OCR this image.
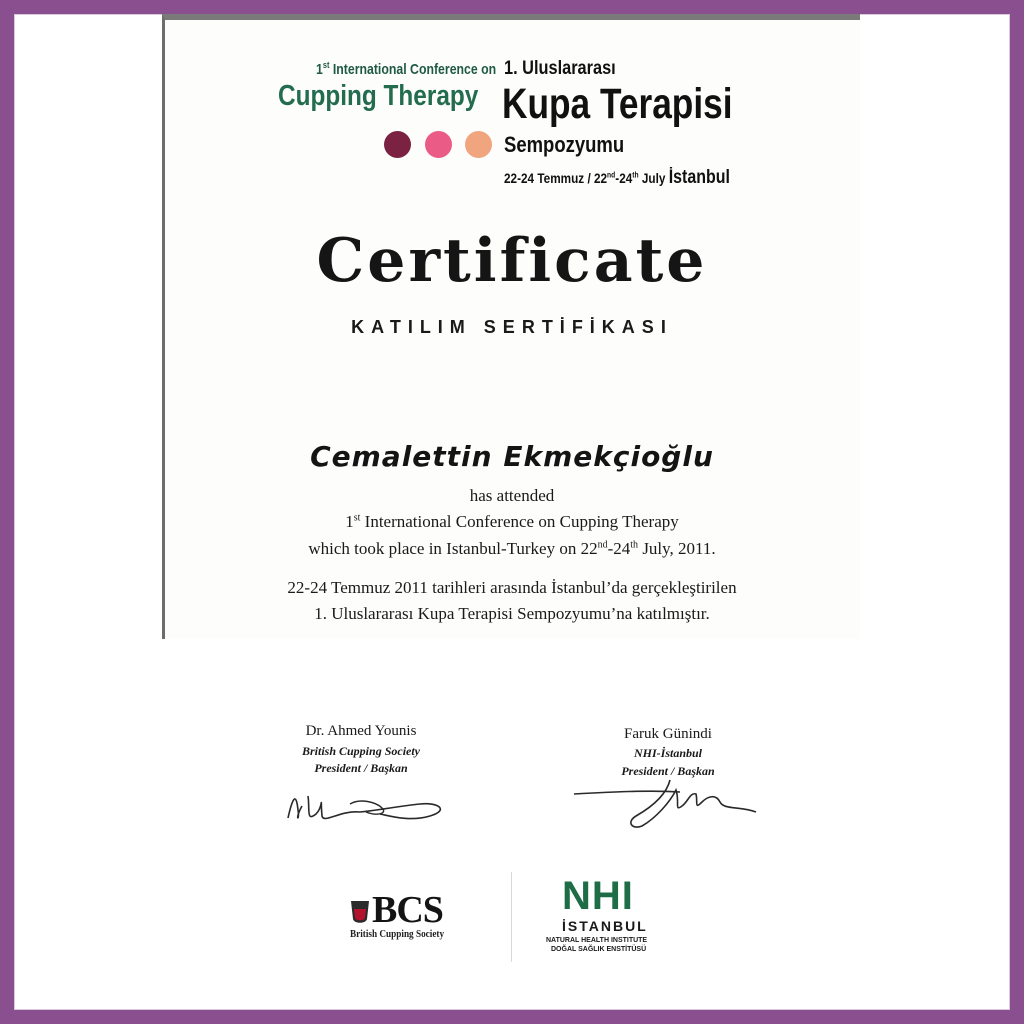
1st International Conference on
Cupping Therapy
1. Uluslararası
Kupa Terapisi
Sempozyumu
22-24 Temmuz / 22nd-24th July İstanbul
Certificate
KATILIM SERTİFİKASI
Cemalettin Ekmekçioğlu
has attended
1st International Conference on Cupping Therapy
which took place in Istanbul-Turkey on 22nd-24th July, 2011.
22-24 Temmuz 2011 tarihleri arasında İstanbul’da gerçekleştirilen
1. Uluslararası Kupa Terapisi Sempozyumu’na katılmıştır.
Dr. Ahmed Younis
British Cupping Society
President / Başkan
Faruk Günindi
NHI-İstanbul
President / Başkan
BCS
British Cupping Society
NHI
İSTANBUL
NATURAL HEALTH INSTITUTE
DOĞAL SAĞLIK ENSTİTÜSÜ
